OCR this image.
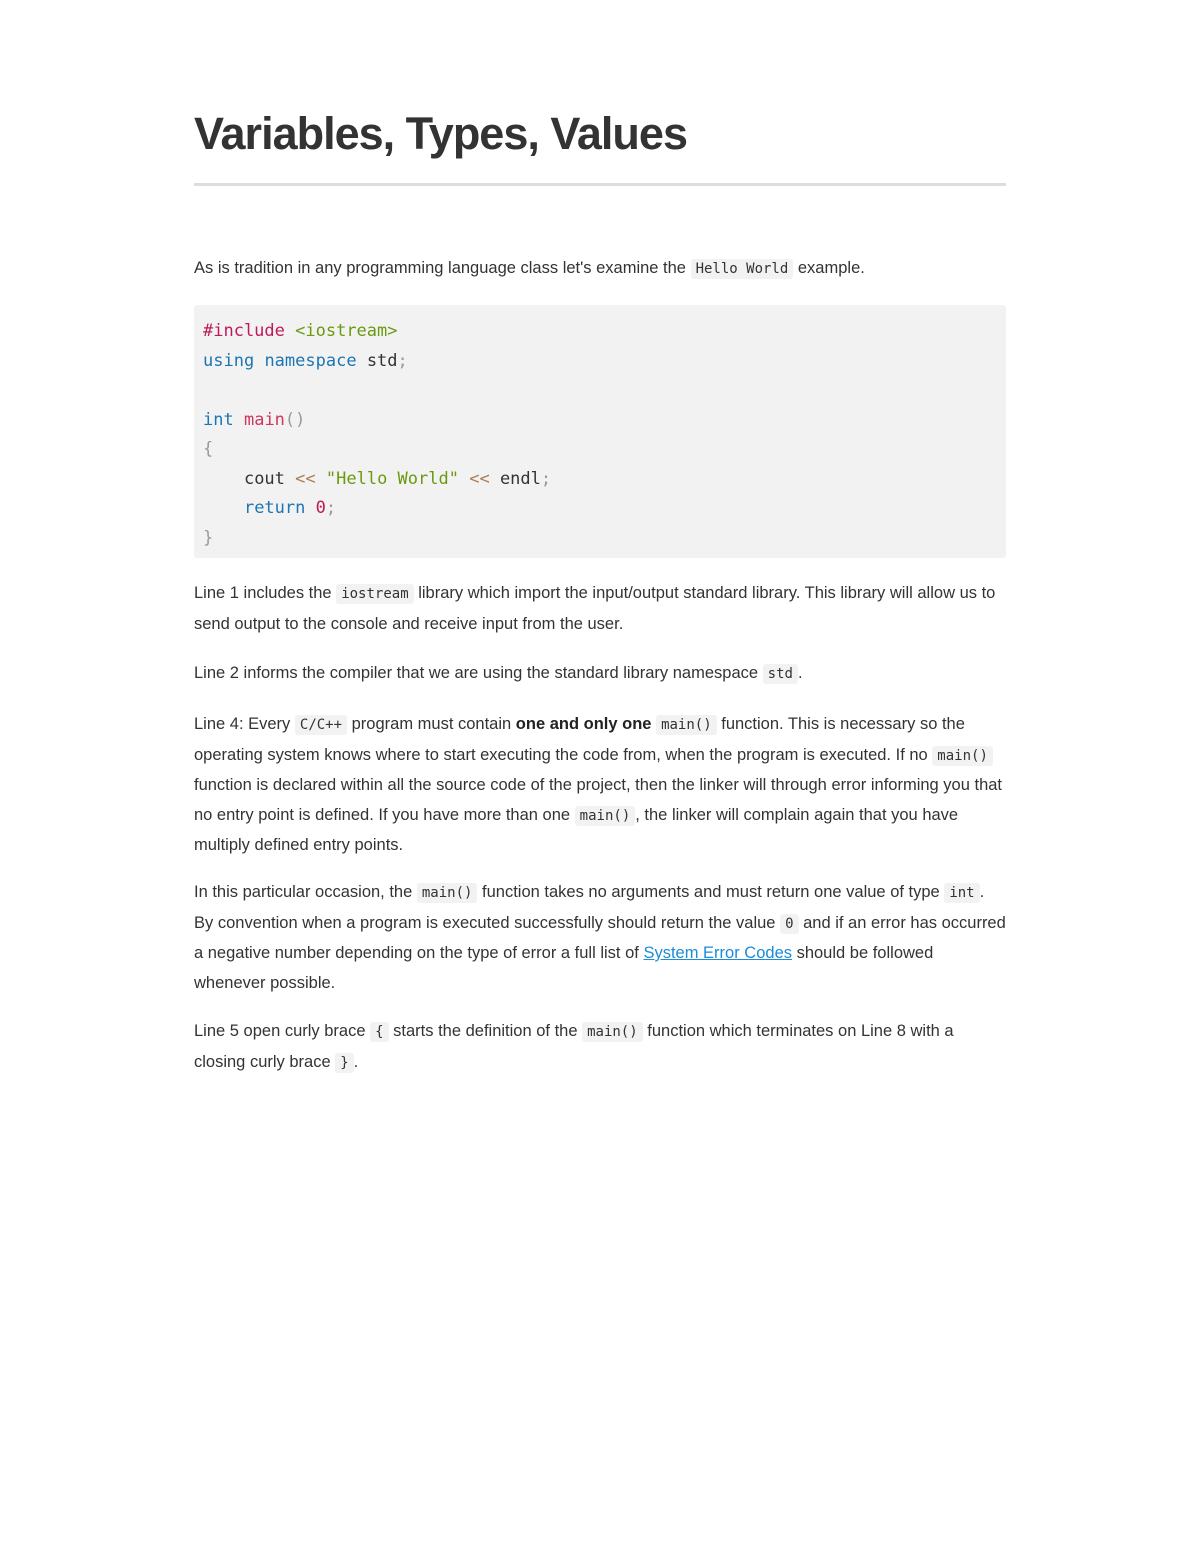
Variables, Types, Values

As is tradition in any programming language class let's examine the Hello World example.

#include <iostream>
using namespace std;

int main()
{
cout << "Hello World" << endl;
return 0;
}

Line 1 includes the iostream library which import the input/output standard library. This library will allow us to send output to the console and receive input from the user.

Line 2 informs the compiler that we are using the standard library namespace std .

Line 4: Every C/C++ program must contain one and only one main() function. This is necessary so the operating system knows where to start executing the code from, when the program is executed. If no main() function is declared within all the source code of the project, then the linker will through error informing you that no entry point is defined. If you have more than one main() , the linker will complain again that you have multiply defined entry points.

In this particular occasion, the main() function takes no arguments and must return one value of type int . By convention when a program is executed successfully should return the value 0 and if an error has occurred a negative number depending on the type of error a full list of System Error Codes should be followed whenever possible.

Line 5 open curly brace { starts the definition of the main() function which terminates on Line 8 with a closing curly brace } .
